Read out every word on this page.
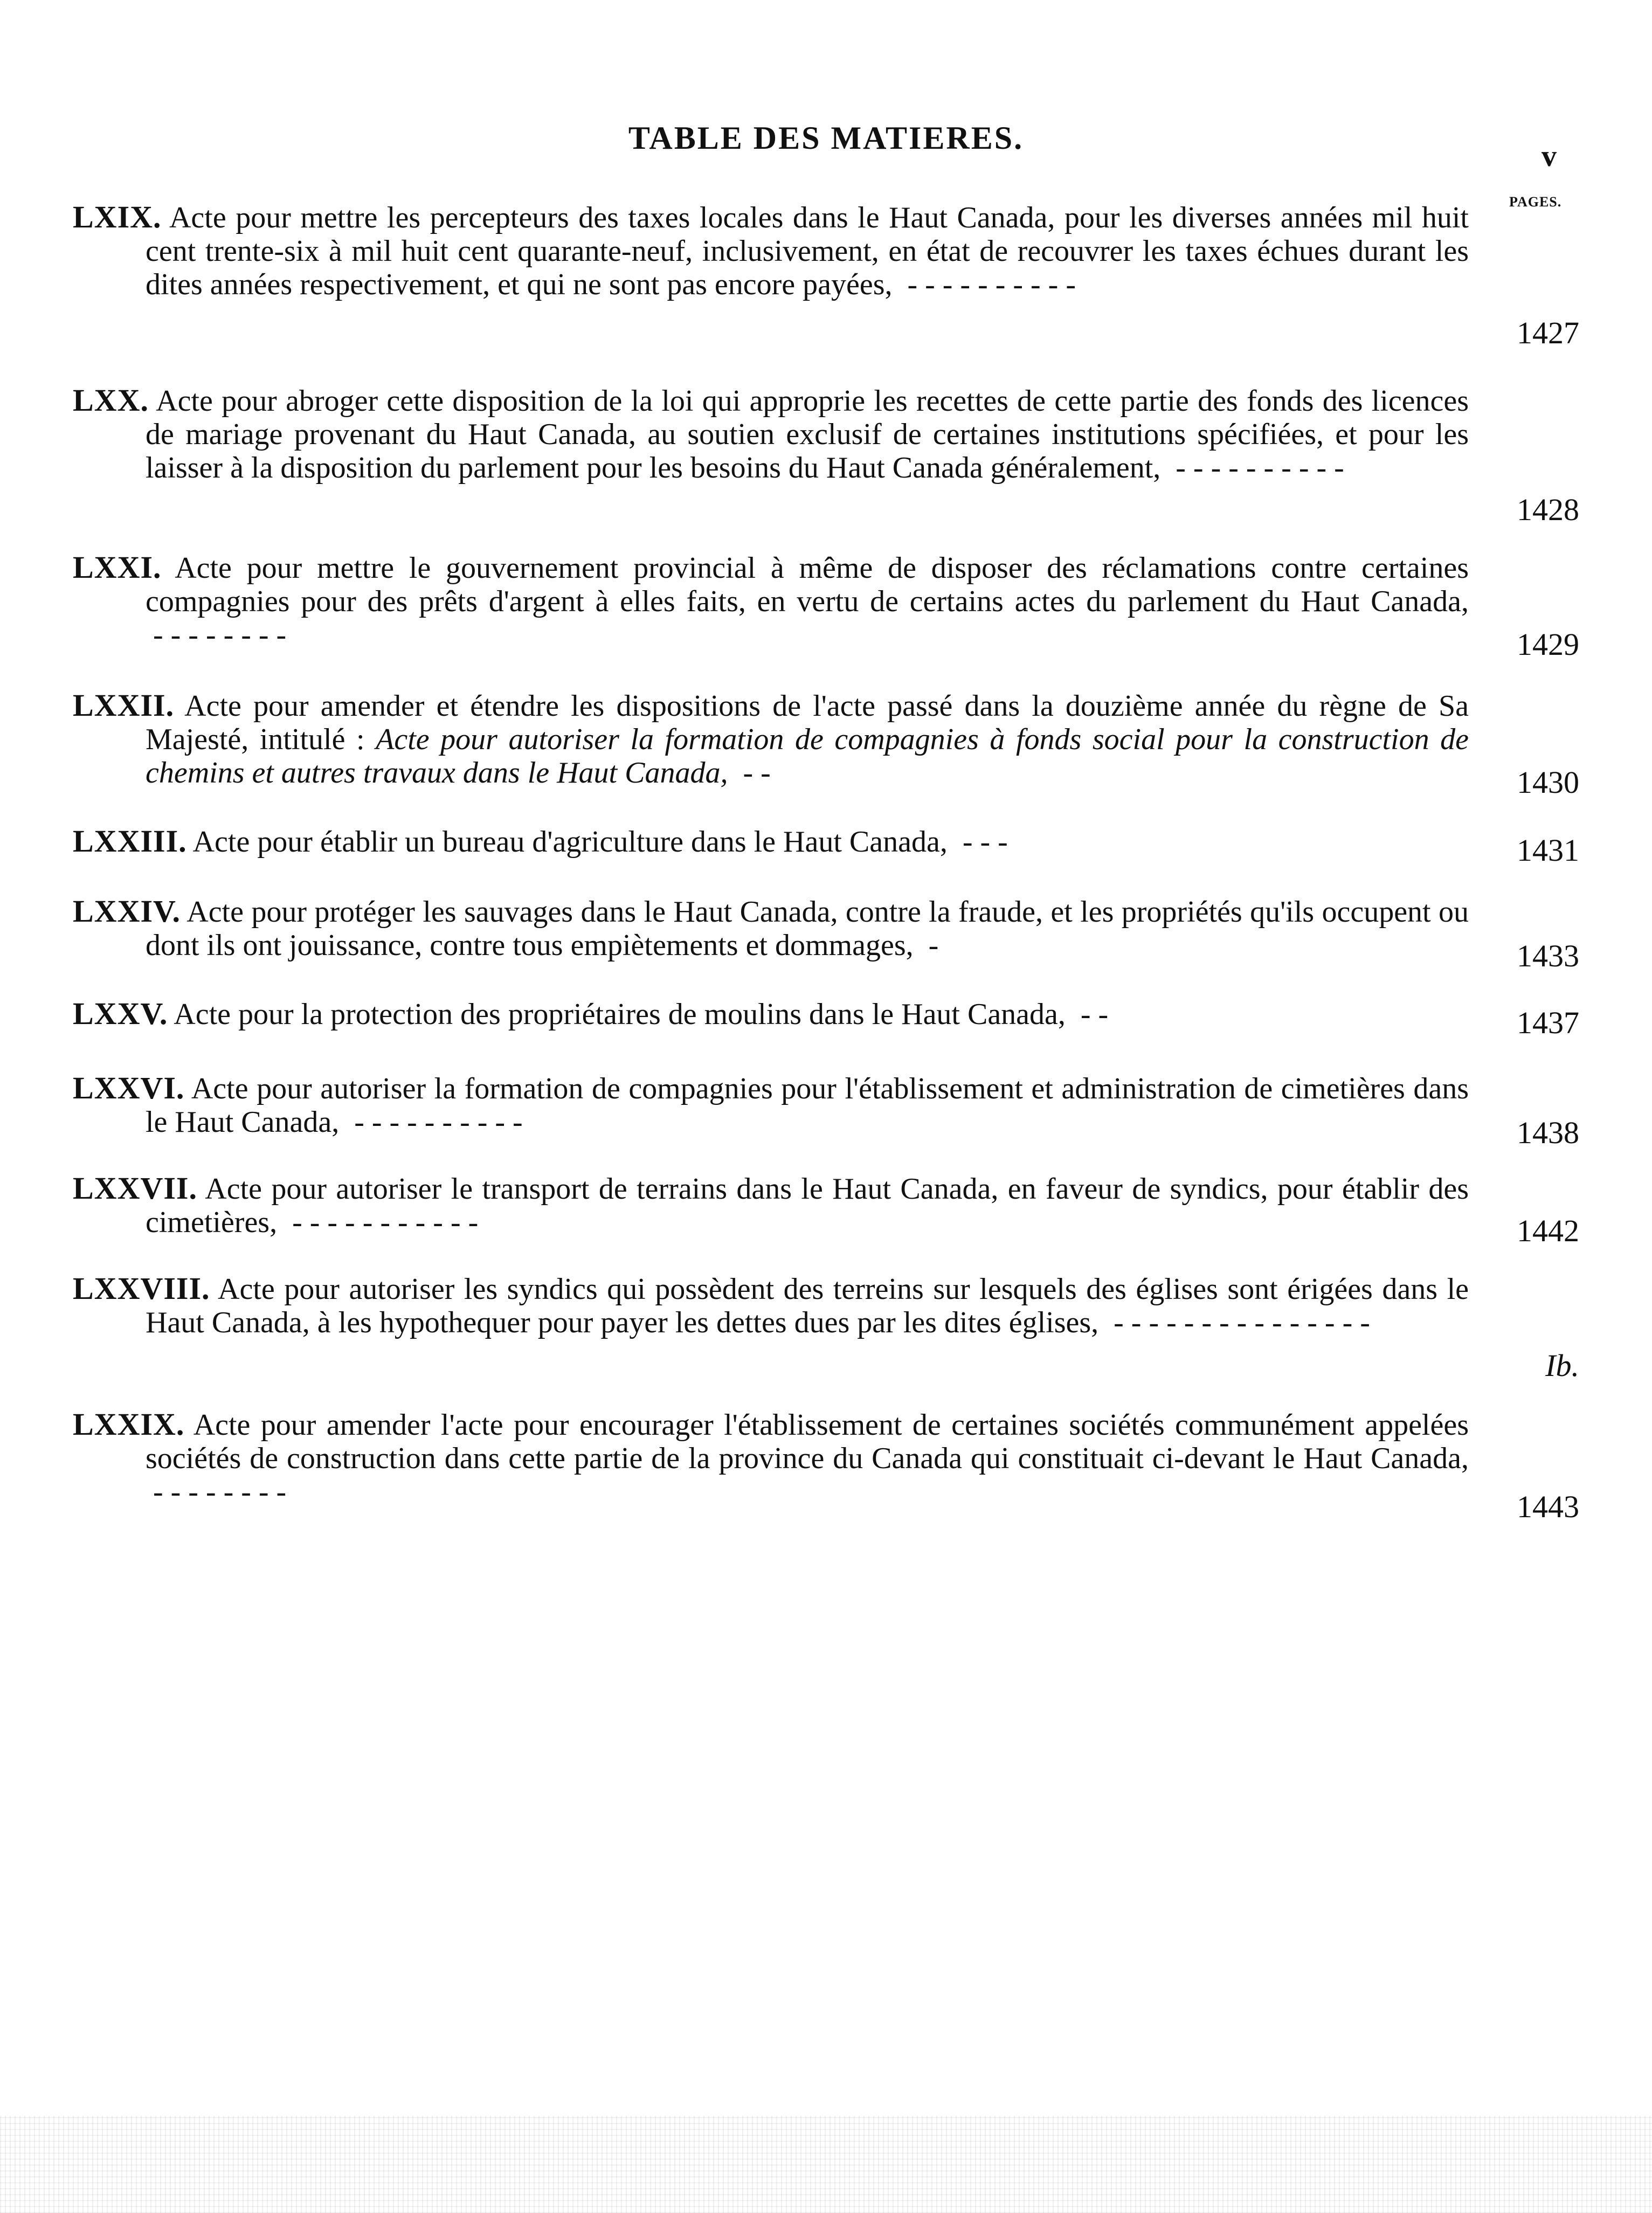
TABLE DES MATIERES.
v
PAGES.
LXIX. Acte pour mettre les percepteurs des taxes locales dans le Haut Canada, pour les diverses années mil huit cent trente-six à mil huit cent quarante-neuf, inclusivement, en état de recouvrer les taxes échues durant les dites années respectivement, et qui ne sont pas encore payées,  - - - - - - - - - -
1427
LXX. Acte pour abroger cette disposition de la loi qui approprie les recettes de cette partie des fonds des licences de mariage provenant du Haut Canada, au soutien exclusif de certaines institutions spécifiées, et pour les laisser à la disposition du parlement pour les besoins du Haut Canada généralement,  - - - - - - - - - -
1428
LXXI. Acte pour mettre le gouvernement provincial à même de disposer des réclamations contre certaines compagnies pour des prêts d'argent à elles faits, en vertu de certains actes du parlement du Haut Canada,  - - - - - - - -	1429
LXXII. Acte pour amender et étendre les dispositions de l'acte passé dans la douzième année du règne de Sa Majesté, intitulé : Acte pour autoriser la formation de compagnies à fonds social pour la construction de chemins et autres travaux dans le Haut Canada,  - -	1430
LXXIII. Acte pour établir un bureau d'agriculture dans le Haut Canada,  - - -	1431
LXXIV. Acte pour protéger les sauvages dans le Haut Canada, contre la fraude, et les propriétés qu'ils occupent ou dont ils ont jouissance, contre tous empiètements et dommages,  -	1433
LXXV. Acte pour la protection des propriétaires de moulins dans le Haut Canada,  - -	1437
LXXVI. Acte pour autoriser la formation de compagnies pour l'établissement et administration de cimetières dans le Haut Canada,  - - - - - - - - - -	1438
LXXVII. Acte pour autoriser le transport de terrains dans le Haut Canada, en faveur de syndics, pour établir des cimetières,  - - - - - - - - - - -	1442
LXXVIII. Acte pour autoriser les syndics qui possèdent des terreins sur lesquels des églises sont érigées dans le Haut Canada, à les hypothequer pour payer les dettes dues par les dites églises,  - - - - - - - - - - - - - - -
Ib.
LXXIX. Acte pour amender l'acte pour encourager l'établissement de certaines sociétés communément appelées sociétés de construction dans cette partie de la province du Canada qui constituait ci-devant le Haut Canada,  - - - - - - - -	1443
